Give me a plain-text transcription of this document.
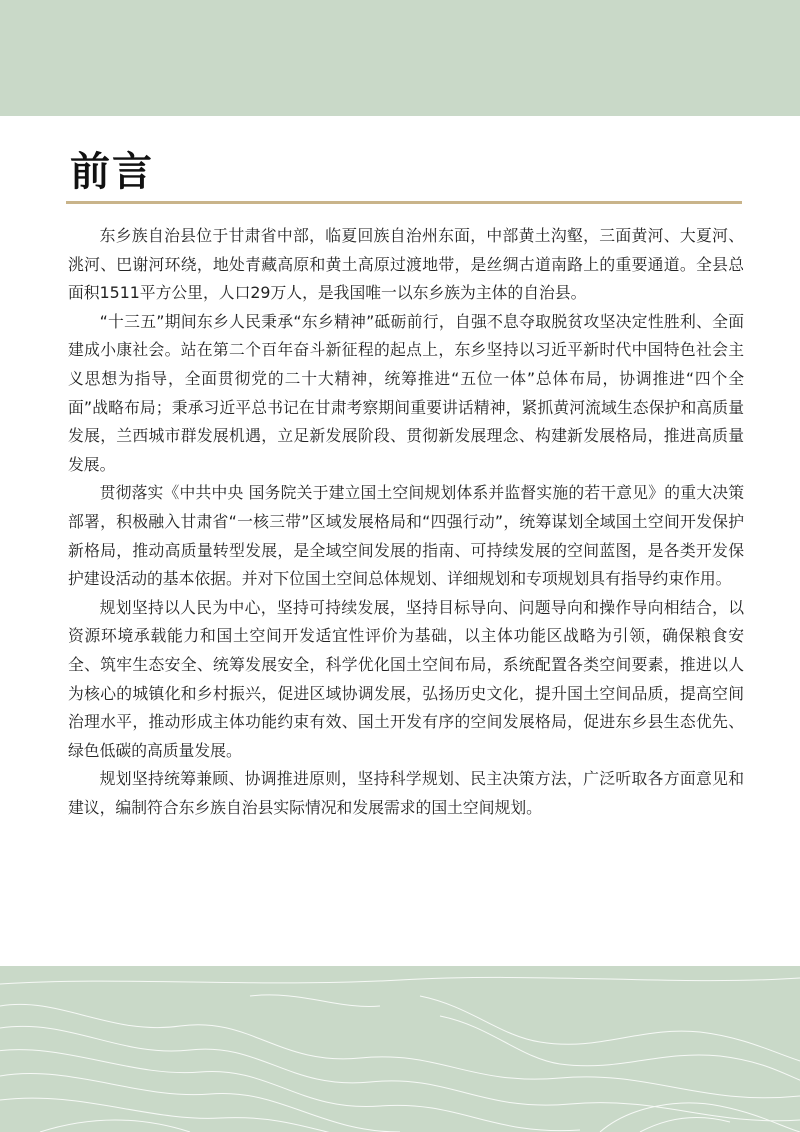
前言

东乡族自治县位于甘肃省中部，临夏回族自治州东面，中部黄土沟壑，三面黄河、大夏河、洮河、巴谢河环绕，地处青藏高原和黄土高原过渡地带，是丝绸古道南路上的重要通道。全县总面积1511平方公里，人口29万人，是我国唯一以东乡族为主体的自治县。

“十三五”期间东乡人民秉承“东乡精神”砥砺前行，自强不息夺取脱贫攻坚决定性胜利、全面建成小康社会。站在第二个百年奋斗新征程的起点上，东乡坚持以习近平新时代中国特色社会主义思想为指导，全面贯彻党的二十大精神，统筹推进“五位一体”总体布局，协调推进“四个全面”战略布局；秉承习近平总书记在甘肃考察期间重要讲话精神，紧抓黄河流域生态保护和高质量发展，兰西城市群发展机遇，立足新发展阶段、贯彻新发展理念、构建新发展格局，推进高质量发展。

贯彻落实《中共中央 国务院关于建立国土空间规划体系并监督实施的若干意见》的重大决策部署，积极融入甘肃省“一核三带”区域发展格局和“四强行动”，统筹谋划全域国土空间开发保护新格局，推动高质量转型发展，是全域空间发展的指南、可持续发展的空间蓝图，是各类开发保护建设活动的基本依据。并对下位国土空间总体规划、详细规划和专项规划具有指导约束作用。

规划坚持以人民为中心，坚持可持续发展，坚持目标导向、问题导向和操作导向相结合，以资源环境承载能力和国土空间开发适宜性评价为基础，以主体功能区战略为引领，确保粮食安全、筑牢生态安全、统筹发展安全，科学优化国土空间布局，系统配置各类空间要素，推进以人为核心的城镇化和乡村振兴，促进区域协调发展，弘扬历史文化，提升国土空间品质，提高空间治理水平，推动形成主体功能约束有效、国土开发有序的空间发展格局，促进东乡县生态优先、绿色低碳的高质量发展。

规划坚持统筹兼顾、协调推进原则，坚持科学规划、民主决策方法，广泛听取各方面意见和建议，编制符合东乡族自治县实际情况和发展需求的国土空间规划。
